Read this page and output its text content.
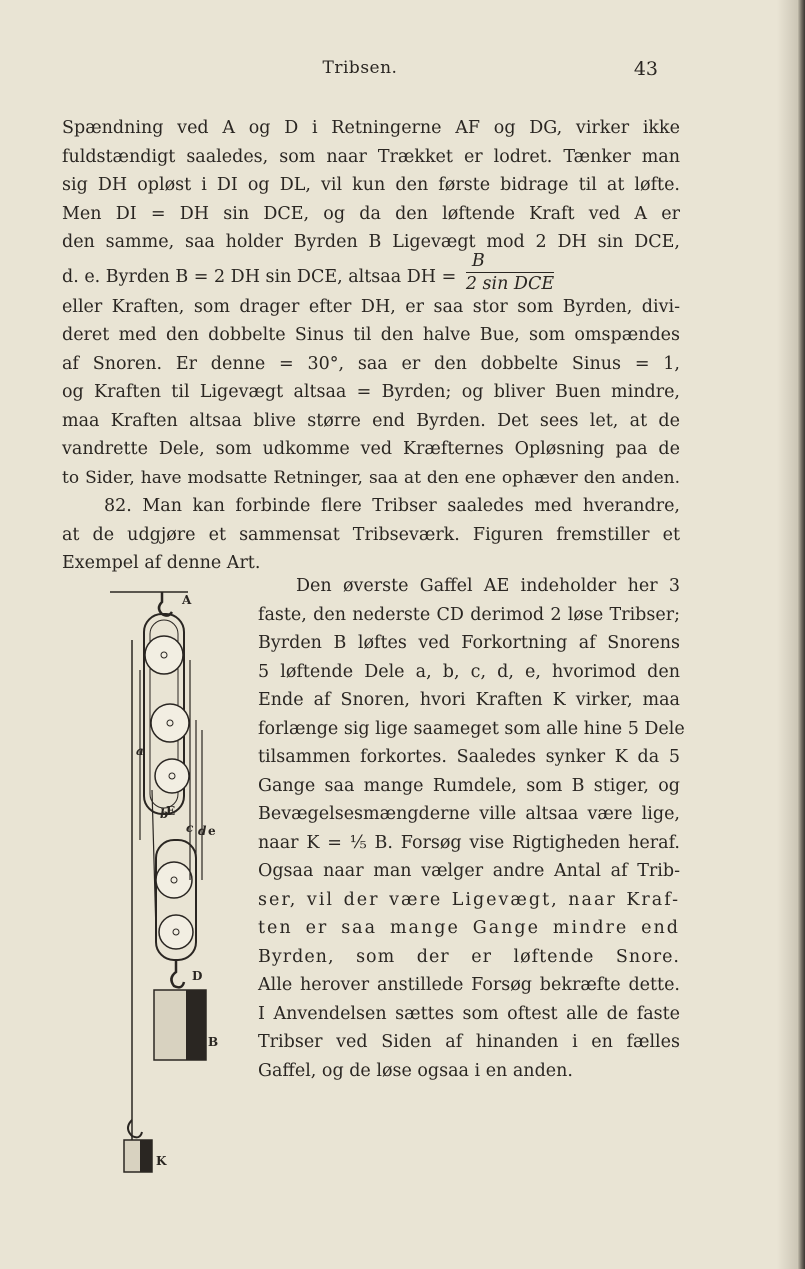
Tribsen.	43
Spændning ved A og D i Retningerne AF og DG, virker ikke
fuldstændigt saaledes, som naar Trækket er lodret. Tænker man
sig DH opløst i DI og DL, vil kun den første bidrage til at løfte.
Men DI = DH sin DCE, og da den løftende Kraft ved A er
den samme, saa holder Byrden B Ligevægt mod 2 DH sin DCE,
d. e. Byrden B = 2 DH sin DCE, altsaa DH = $\frac{B}{\text{2 sin DCE}}$
eller Kraften, som drager efter DH, er saa stor som Byrden, divi-
deret med den dobbelte Sinus til den halve Bue, som omspændes
af Snoren. Er denne = 30°, saa er den dobbelte Sinus = 1,
og Kraften til Ligevægt altsaa = Byrden; og bliver Buen mindre,
maa Kraften altsaa blive større end Byrden. Det sees let, at de
vandrette Dele, som udkomme ved Kræfternes Opløsning paa de
to Sider, have modsatte Retninger, saa at den ene ophæver den anden.
82. Man kan forbinde flere Tribser saaledes med hverandre,
at de udgjøre et sammensat Tribseværk. Figuren fremstiller et
Exempel af denne Art.
A
E
D
B
K
a
b
c d e
Den øverste Gaffel AE indeholder her 3
faste, den nederste CD derimod 2 løse Tribser;
Byrden B løftes ved Forkortning af Snorens
5 løftende Dele a, b, c, d, e, hvorimod den
Ende af Snoren, hvori Kraften K virker, maa
forlænge sig lige saameget som alle hine 5 Dele
tilsammen forkortes. Saaledes synker K da 5
Gange saa mange Rumdele, som B stiger, og
Bevægelsesmængderne ville altsaa være lige,
naar K = ⅕ B. Forsøg vise Rigtigheden heraf.
Ogsaa naar man vælger andre Antal af Trib-
ser, vil der være Ligevægt, naar Kraf-
ten er saa mange Gange mindre end
Byrden, som der er løftende Snore.
Alle herover anstillede Forsøg bekræfte dette.
I Anvendelsen sættes som oftest alle de faste
Tribser ved Siden af hinanden i en fælles
Gaffel, og de løse ogsaa i en anden.
